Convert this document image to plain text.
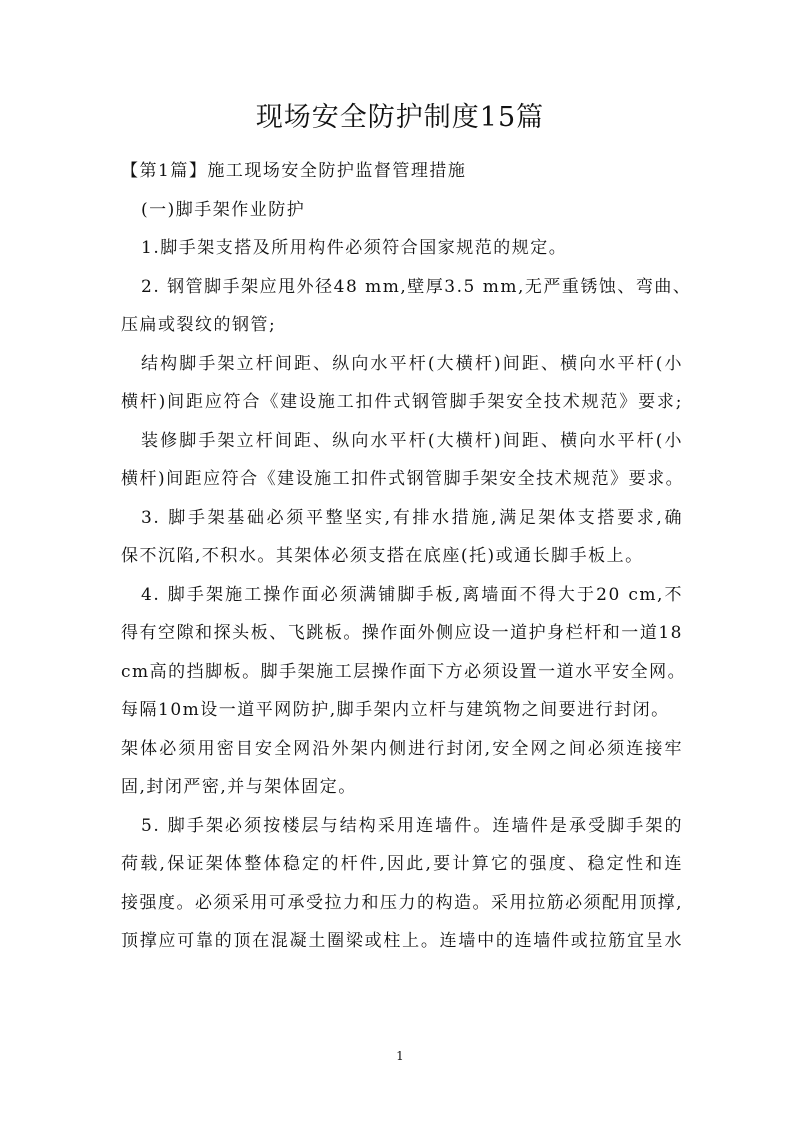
现场安全防护制度15篇
【第1篇】施工现场安全防护监督管理措施
(一)脚手架作业防护
1.脚手架支搭及所用构件必须符合国家规范的规定。
2. 钢管脚手架应甩外径48 mm,壁厚3.5 mm,无严重锈蚀、弯曲、
压扁或裂纹的钢管;
结构脚手架立杆间距、纵向水平杆(大横杆)间距、横向水平杆(小
横杆)间距应符合《建设施工扣件式钢管脚手架安全技术规范》要求;
装修脚手架立杆间距、纵向水平杆(大横杆)间距、横向水平杆(小
横杆)间距应符合《建设施工扣件式钢管脚手架安全技术规范》要求。
3. 脚手架基础必须平整坚实,有排水措施,满足架体支搭要求,确
保不沉陷,不积水。其架体必须支搭在底座(托)或通长脚手板上。
4. 脚手架施工操作面必须满铺脚手板,离墙面不得大于20 cm,不
得有空隙和探头板、飞跳板。操作面外侧应设一道护身栏杆和一道18
cm高的挡脚板。脚手架施工层操作面下方必须设置一道水平安全网。
每隔10m设一道平网防护,脚手架内立杆与建筑物之间要进行封闭。
架体必须用密目安全网沿外架内侧进行封闭,安全网之间必须连接牢
固,封闭严密,并与架体固定。
5. 脚手架必须按楼层与结构采用连墙件。连墙件是承受脚手架的
荷载,保证架体整体稳定的杆件,因此,要计算它的强度、稳定性和连
接强度。必须采用可承受拉力和压力的构造。采用拉筋必须配用顶撑,
顶撑应可靠的顶在混凝土圈梁或柱上。连墙中的连墙件或拉筋宜呈水
1
